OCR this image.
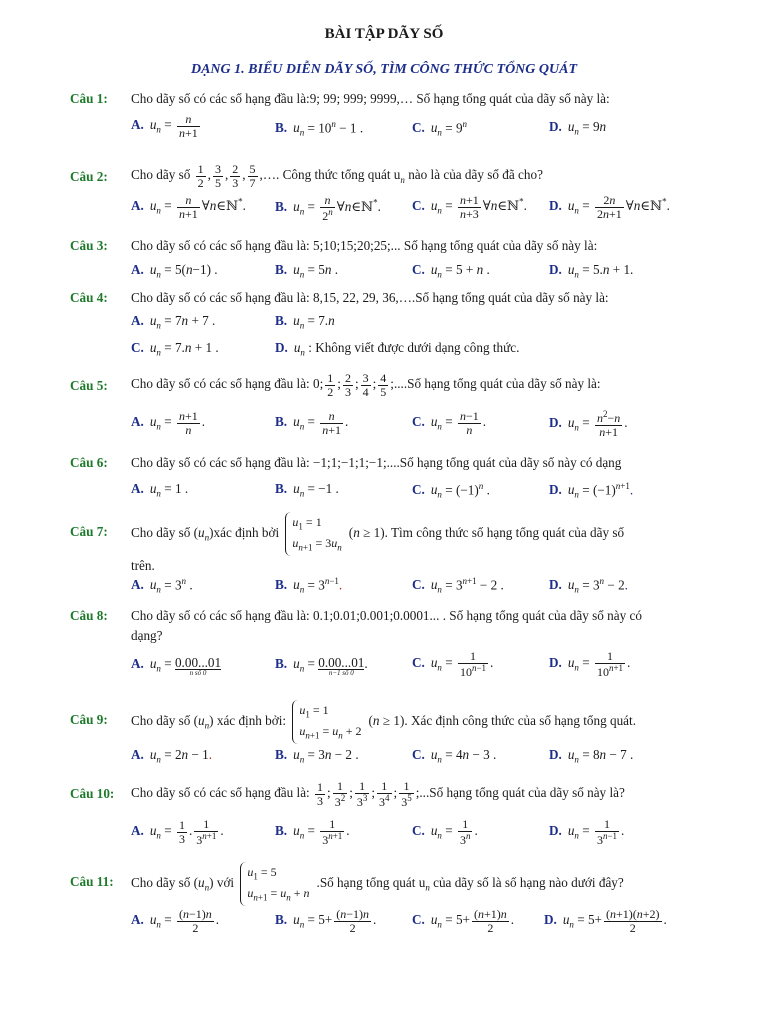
BÀI TẬP DÃY SỐ
DẠNG 1. BIỂU DIỄN DÃY SỐ, TÌM CÔNG THỨC TỔNG QUÁT
Câu 1: Cho dãy số có các số hạng đầu là:9; 99; 999; 9999,… Số hạng tổng quát của dãy số này là:
A. $u_n = \frac{n}{n+1}$	B. $u_n = 10^n - 1$ .	C. $u_n = 9^n$	D. $u_n = 9n$
Câu 2: Cho dãy số $\frac{1}{2}$ , $\frac{3}{5}$ , $\frac{2}{3}$ , $\frac{5}{7}$ ,…. Công thức tổng quát $u_n$ nào là của dãy số đã cho?
A. $u_n = \frac{n}{n+1}$ ∀n∈ℕ*. B. $u_n = \frac{n}{2^n}$ ∀n∈ℕ*. C. $u_n = \frac{n+1}{n+3}$ ∀n∈ℕ*. D. $u_n = \frac{2n}{2n+1}$ ∀n∈ℕ*.
Câu 3: Cho dãy số có các số hạng đầu là: 5;10;15;20;25;... Số hạng tổng quát của dãy số này là:
A. $u_n = 5(n-1)$ .	B. $u_n = 5n$ .	C. $u_n = 5 + n$ .	D. $u_n = 5.n + 1$.
Câu 4: Cho dãy số có các số hạng đầu là: 8,15, 22, 29, 36,….Số hạng tổng quát của dãy số này là:
A. $u_n = 7n + 7$ .	B. $u_n = 7.n$
C. $u_n = 7.n + 1$ .	D. $u_n$ : Không viết được dưới dạng công thức.
Câu 5: Cho dãy số có các số hạng đầu là: 0; $\frac{1}{2}$ ; $\frac{2}{3}$ ; $\frac{3}{4}$ ; $\frac{4}{5}$ ;....Số hạng tổng quát của dãy số này là:
A. $u_n = \frac{n+1}{n}$ .	B. $u_n = \frac{n}{n+1}$ .	C. $u_n = \frac{n-1}{n}$ .	D. $u_n = \frac{n^2-n}{n+1}$ .
Câu 6: Cho dãy số có các số hạng đầu là: −1;1;−1;1;−1;....Số hạng tổng quát của dãy số này có dạng
A. $u_n = 1$ .	B. $u_n = -1$ .	C. $u_n = (-1)^n$ .	D. $u_n = (-1)^{n+1}$.
Câu 7: Cho dãy số $(u_n)xác$ định bởi $u_1 = 1$
$u_{n+1} = 3u_n(n \ge 1)$. Tìm công thức số hạng tổng quát của dãy số
trên.
A. $u_n = 3^n$ .	B. $u_n = 3^{n-1}$.	C. $u_n = 3^{n+1} - 2$ .	D. $u_n = 3^n - 2$.
Câu 8: Cho dãy số có các số hạng đầu là: 0.1;0.01;0.001;0.0001... . Số hạng tổng quát của dãy số này có
dạng?
A. $u_n = 0.00...01$
n số 0
B. $u_n = 0.00...01$
n−1 số 0
.	C. $u_n = \frac{1}{10^{n-1}}$ .	D. $u_n = \frac{1}{10^{n+1}}$ .
Câu 9: Cho dãy số $(u_n)$ xác định bởi: $u_1 = 1$
$u_{n+1} = u_n + 2(n \ge 1)$. Xác định công thức của số hạng tổng quát.
A. $u_n = 2n - 1$.	B. $u_n = 3n - 2$ .	C. $u_n = 4n - 3$ .	D. $u_n = 8n - 7$ .
Câu 10: Cho dãy số có các số hạng đầu là: $\frac{1}{3}$ ; $\frac{1}{3^2}$ ; $\frac{1}{3^3}$ ; $\frac{1}{3^4}$ ; $\frac{1}{3^5}$ ;...Số hạng tổng quát của dãy số này là?
A. $u_n = \frac{1}{3}$ . $\frac{1}{3^{n+1}}$ .	B. $u_n = \frac{1}{3^{n+1}}$ .	C. $u_n = \frac{1}{3^n}$ .	D. $u_n = \frac{1}{3^{n-1}}$ .
Câu 11: Cho dãy số $(u_n)$ với $u_1 = 5$
$u_{n+1} = u_n$ + n.Số hạng tổng quát $u_n$ của dãy số là số hạng nào dưới đây?
A. $u_n = \frac{(n-1)n}{2}$ .	B. $u_n = 5+ \frac{(n-1)n}{2}$ .	C. $u_n = 5+ \frac{(n+1)n}{2}$ . D. $u_n = 5+ \frac{(n+1)(n+2)}{2}$ .
